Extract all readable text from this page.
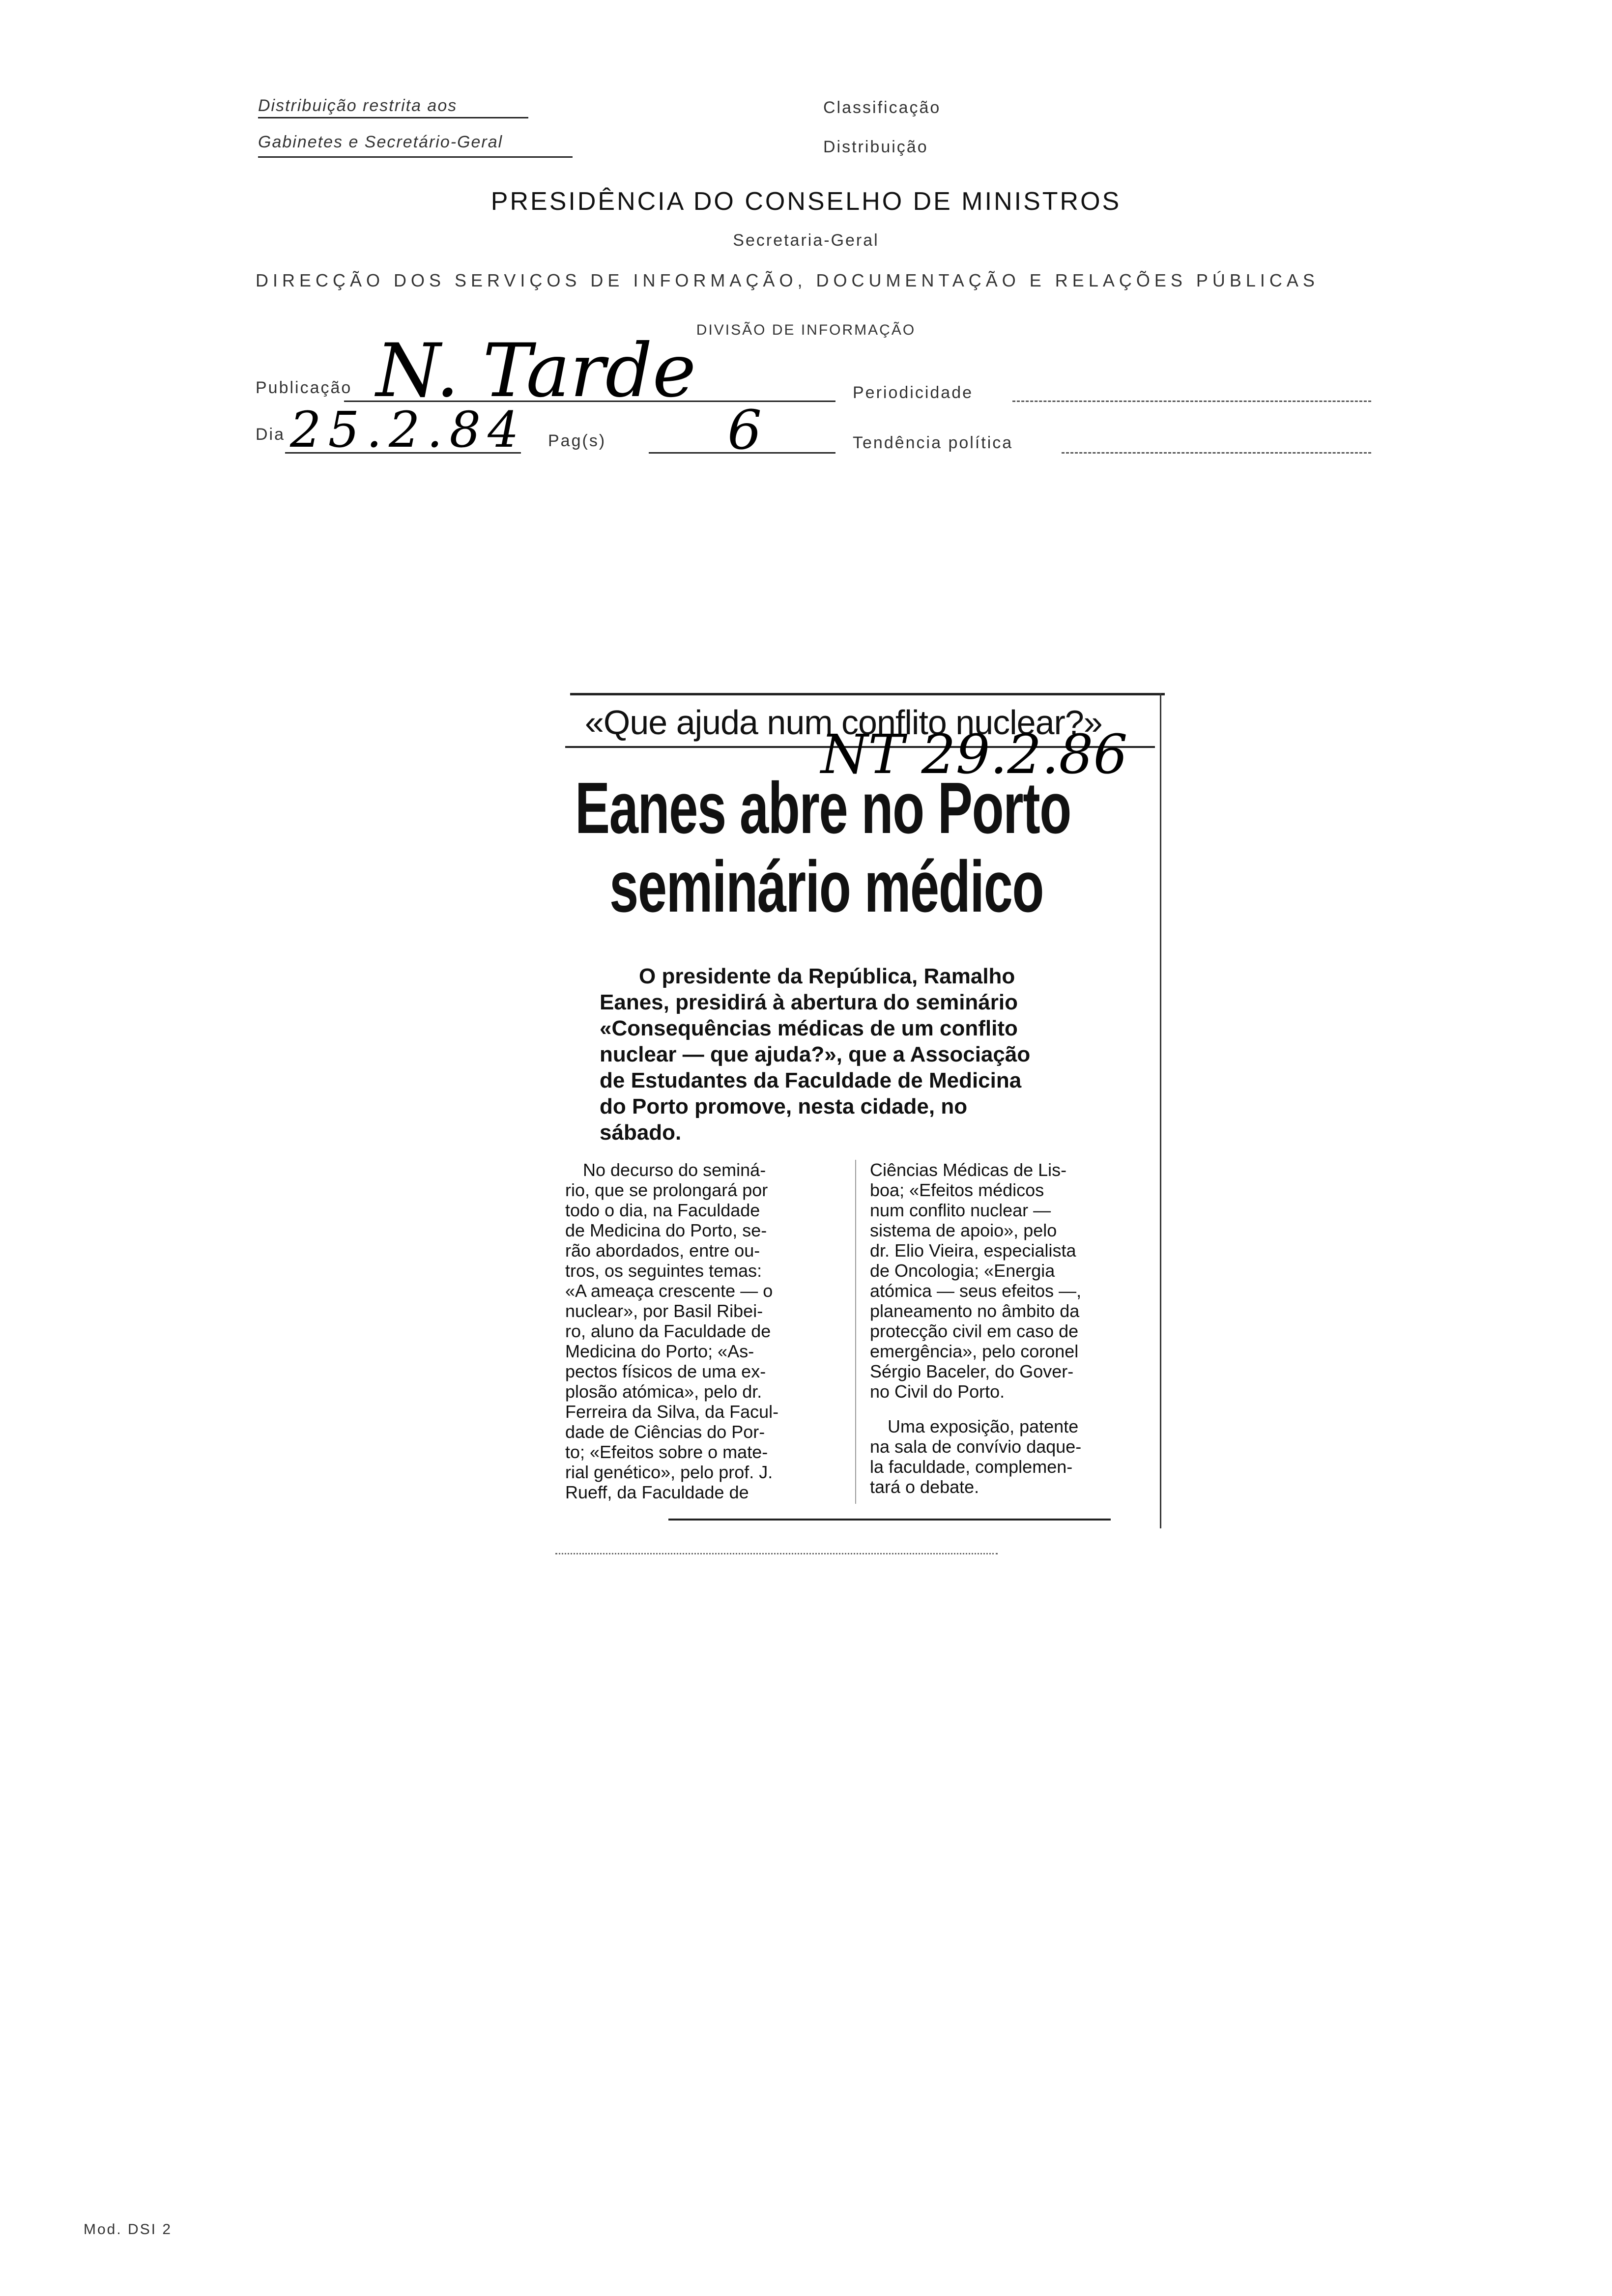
Distribuição restrita aos
Gabinetes e Secretário-Geral
Classificação
Distribuição
PRESIDÊNCIA DO CONSELHO DE MINISTROS
Secretaria-Geral
DIRECÇÃO DOS SERVIÇOS DE INFORMAÇÃO, DOCUMENTAÇÃO E RELAÇÕES PÚBLICAS
DIVISÃO DE INFORMAÇÃO
Publicação N. Tarde	Periodicidade
Dia 25.2.84 Pag(s) 6	Tendência política
«Que ajuda num conflito nuclear?»
NT 29.2.86
Eanes abre no Porto
seminário médico
O presidente da República, Ramalho
Eanes, presidirá à abertura do seminário
«Consequências médicas de um conflito
nuclear — que ajuda?», que a Associação
de Estudantes da Faculdade de Medicina
do Porto promove, nesta cidade, no
sábado.

No decurso do seminá-

rio, que se prolongará por

todo o dia, na Faculdade

de Medicina do Porto, se-

rão abordados, entre ou-

tros, os seguintes temas:

«A ameaça crescente — o

nuclear», por Basil Ribei-

ro, aluno da Faculdade de

Medicina do Porto; «As-

pectos físicos de uma ex-

plosão atómica», pelo dr.

Ferreira da Silva, da Facul-

dade de Ciências do Por-

to; «Efeitos sobre o mate-

rial genético», pelo prof. J.

Rueff, da Faculdade de

Ciências Médicas de Lis-

boa; «Efeitos médicos

num conflito nuclear —

sistema de apoio», pelo

dr. Elio Vieira, especialista

de Oncologia; «Energia

atómica — seus efeitos —,

planeamento no âmbito da

protecção civil em caso de

emergência», pelo coronel

Sérgio Baceler, do Gover-

no Civil do Porto.

Uma exposição, patente

na sala de convívio daque-

la faculdade, complemen-

tará o debate.

Mod. DSI 2
